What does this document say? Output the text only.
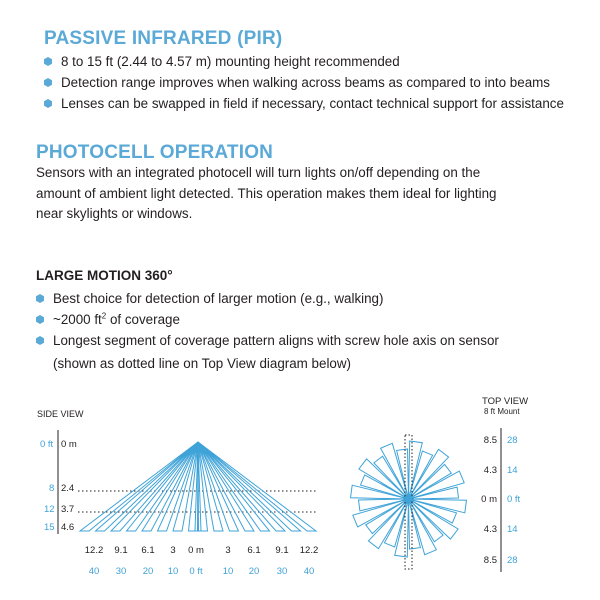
PASSIVE INFRARED (PIR)
8 to 15 ft (2.44 to 4.57 m) mounting height recommended
Detection range improves when walking across beams as compared to into beams
Lenses can be swapped in field if necessary, contact technical support for assistance
PHOTOCELL OPERATION
Sensors with an integrated photocell will turn lights on/off depending on the amount of ambient light detected. This operation makes them ideal for lighting near skylights or windows.
LARGE MOTION 360°
Best choice for detection of larger motion (e.g., walking)
~2000 $ft^2$ of coverage
Longest segment of coverage pattern aligns with screw hole axis on sensor
(shown as dotted line on Top View diagram below)
SIDE VIEW
0 ft 0 m
8 2.4
12 3.7
15 4.6
12.2	9.1	6.1	3	0 m	3	6.1	9.1	12.2
40	30	20	10	0 ft	10	20	30	40
TOP VIEW
8 ft Mount
8.5 28
4.3 14
0 m 0 ft
4.3 14
8.5 28
